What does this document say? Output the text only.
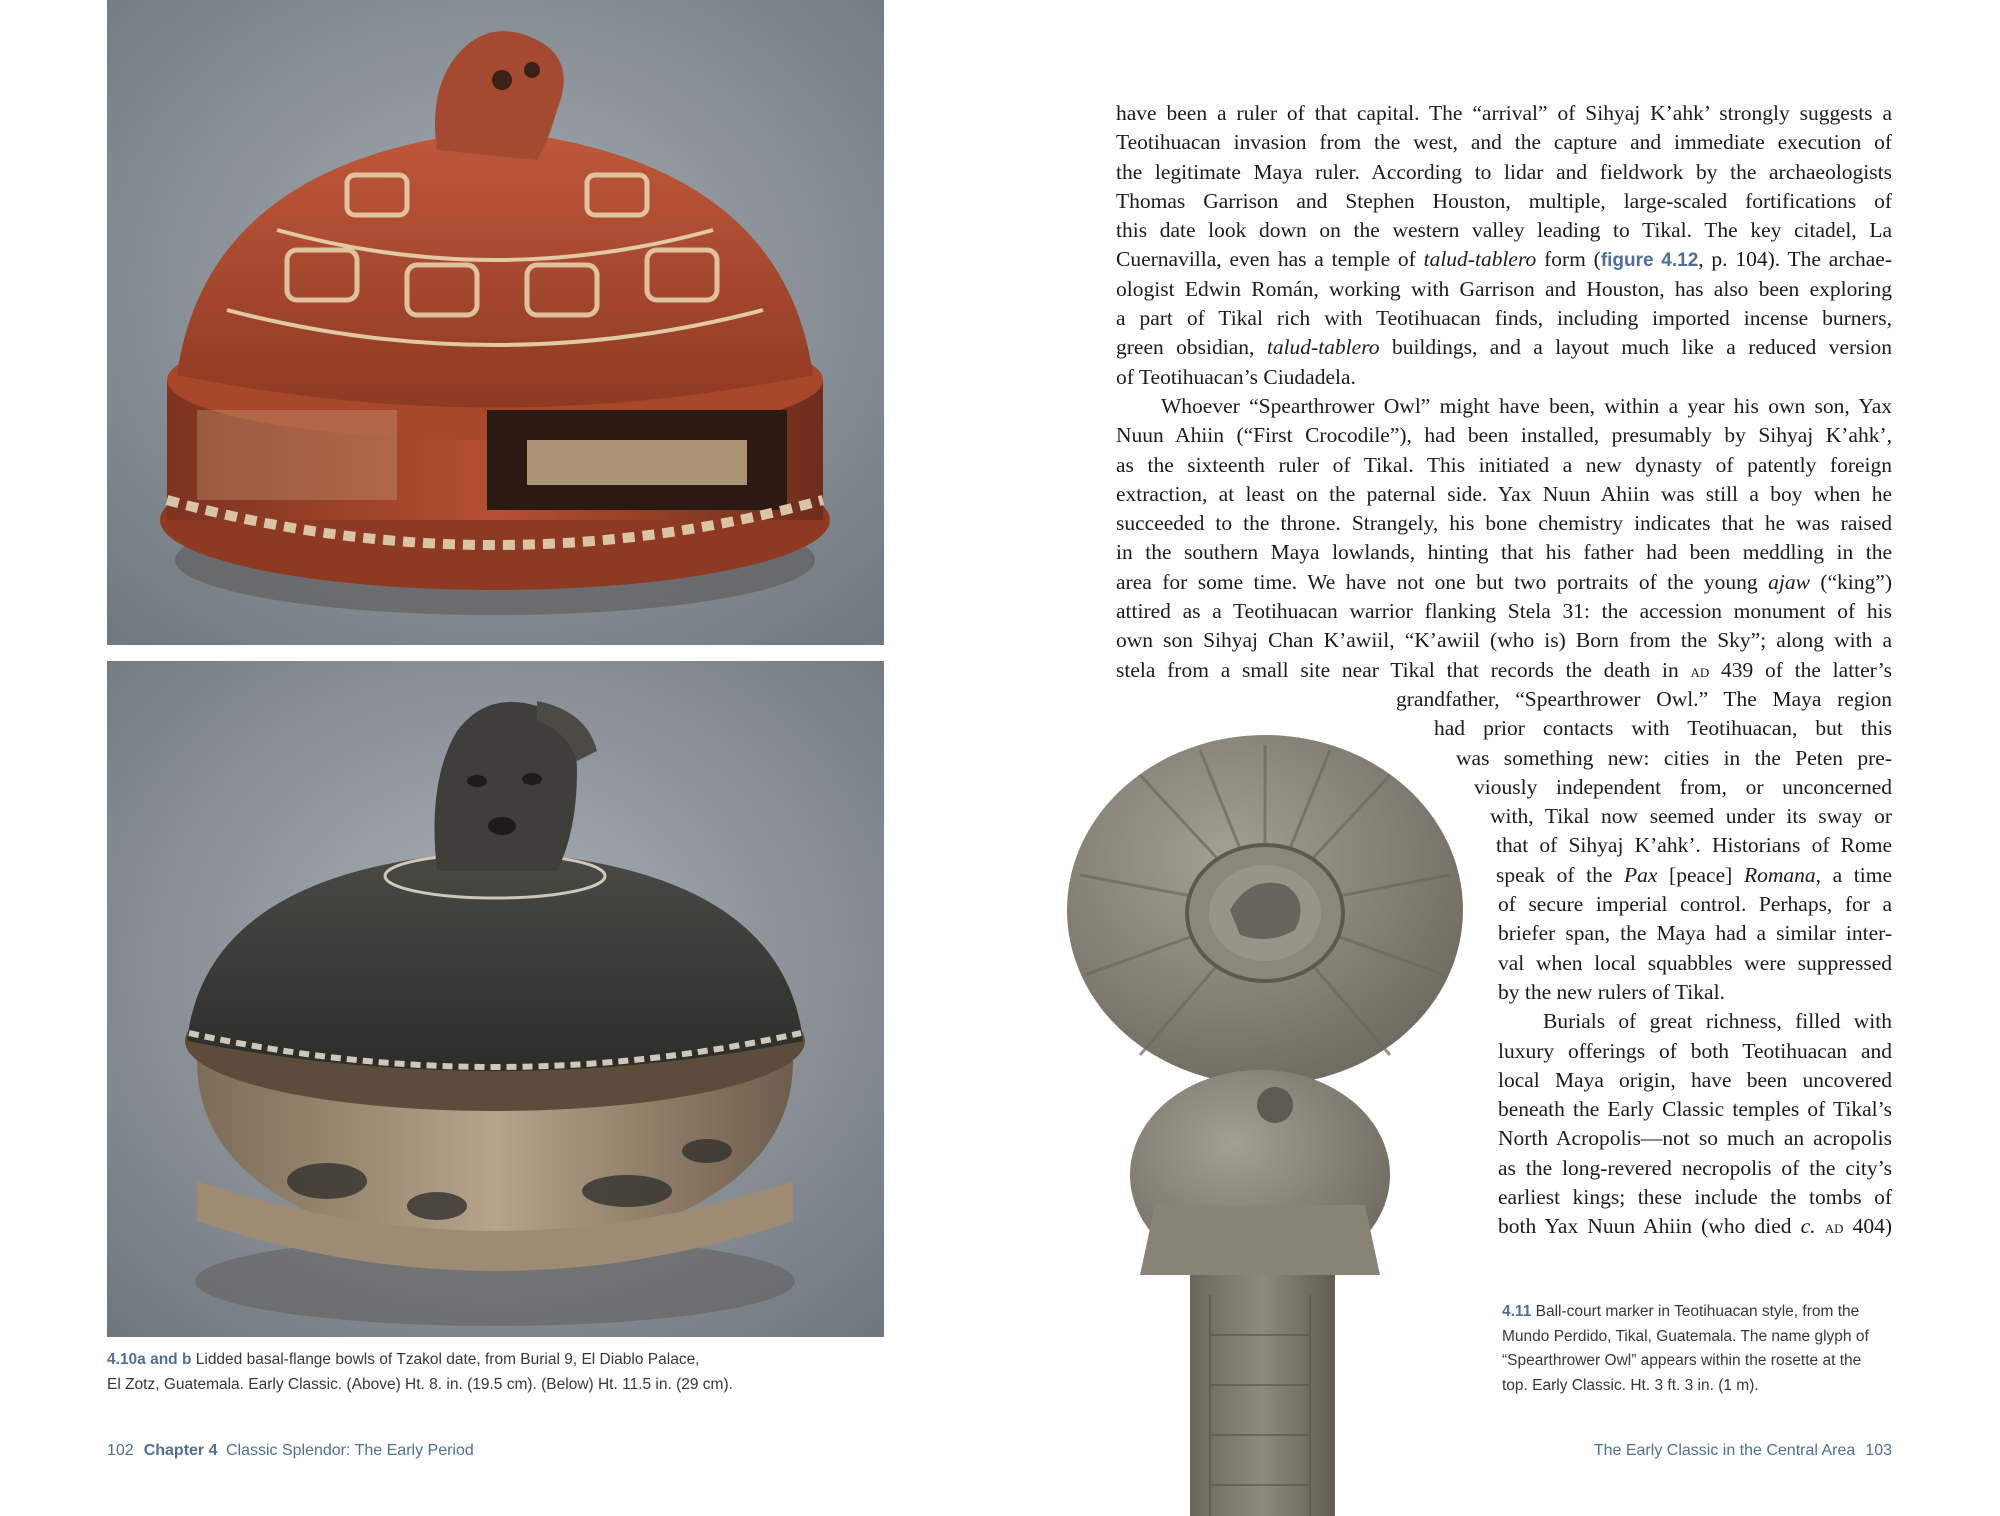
4.10a and b Lidded basal-flange bowls of Tzakol date, from Burial 9, El Diablo Palace,
El Zotz, Guatemala. Early Classic. (Above) Ht. 8. in. (19.5 cm). (Below) Ht. 11.5 in. (29 cm).
4.11 Ball-court marker in Teotihuacan style, from the
Mundo Perdido, Tikal, Guatemala. The name glyph of
“Spearthrower Owl” appears within the rosette at the
top. Early Classic. Ht. 3 ft. 3 in. (1 m).
102 Chapter 4 Classic Splendor: The Early Period	The Early Classic in the Central Area 103
have been a ruler of that capital. The “arrival” of Sihyaj K’ahk’ strongly suggests a
Teotihuacan invasion from the west, and the capture and immediate execution of
the legitimate Maya ruler. According to lidar and fieldwork by the archaeologists
Thomas Garrison and Stephen Houston, multiple, large-scaled fortifications of
this date look down on the western valley leading to Tikal. The key citadel, La
Cuernavilla, even has a temple of talud-tablero form (figure 4.12, p. 104). The archae-
ologist Edwin Román, working with Garrison and Houston, has also been exploring
a part of Tikal rich with Teotihuacan finds, including imported incense burners,
green obsidian, talud-tablero buildings, and a layout much like a reduced version
of Teotihuacan’s Ciudadela.
Whoever “Spearthrower Owl” might have been, within a year his own son, Yax
Nuun Ahiin (“First Crocodile”), had been installed, presumably by Sihyaj K’ahk’,
as the sixteenth ruler of Tikal. This initiated a new dynasty of patently foreign
extraction, at least on the paternal side. Yax Nuun Ahiin was still a boy when he
succeeded to the throne. Strangely, his bone chemistry indicates that he was raised
in the southern Maya lowlands, hinting that his father had been meddling in the
area for some time. We have not one but two portraits of the young ajaw (“king”)
attired as a Teotihuacan warrior flanking Stela 31: the accession monument of his
own son Sihyaj Chan K’awiil, “K’awiil (who is) Born from the Sky”; along with a
stela from a small site near Tikal that records the death in ad 439 of the latter’s
grandfather, “Spearthrower Owl.” The Maya region
had prior contacts with Teotihuacan, but this
was something new: cities in the Peten pre-
viously independent from, or unconcerned
with, Tikal now seemed under its sway or
that of Sihyaj K’ahk’. Historians of Rome
speak of the Pax [peace] Romana, a time
of secure imperial control. Perhaps, for a
briefer span, the Maya had a similar inter-
val when local squabbles were suppressed
by the new rulers of Tikal.
Burials of great richness, filled with
luxury offerings of both Teotihuacan and
local Maya origin, have been uncovered
beneath the Early Classic temples of Tikal’s
North Acropolis—not so much an acropolis
as the long-revered necropolis of the city’s
earliest kings; these include the tombs of
both Yax Nuun Ahiin (who died c. ad 404)
